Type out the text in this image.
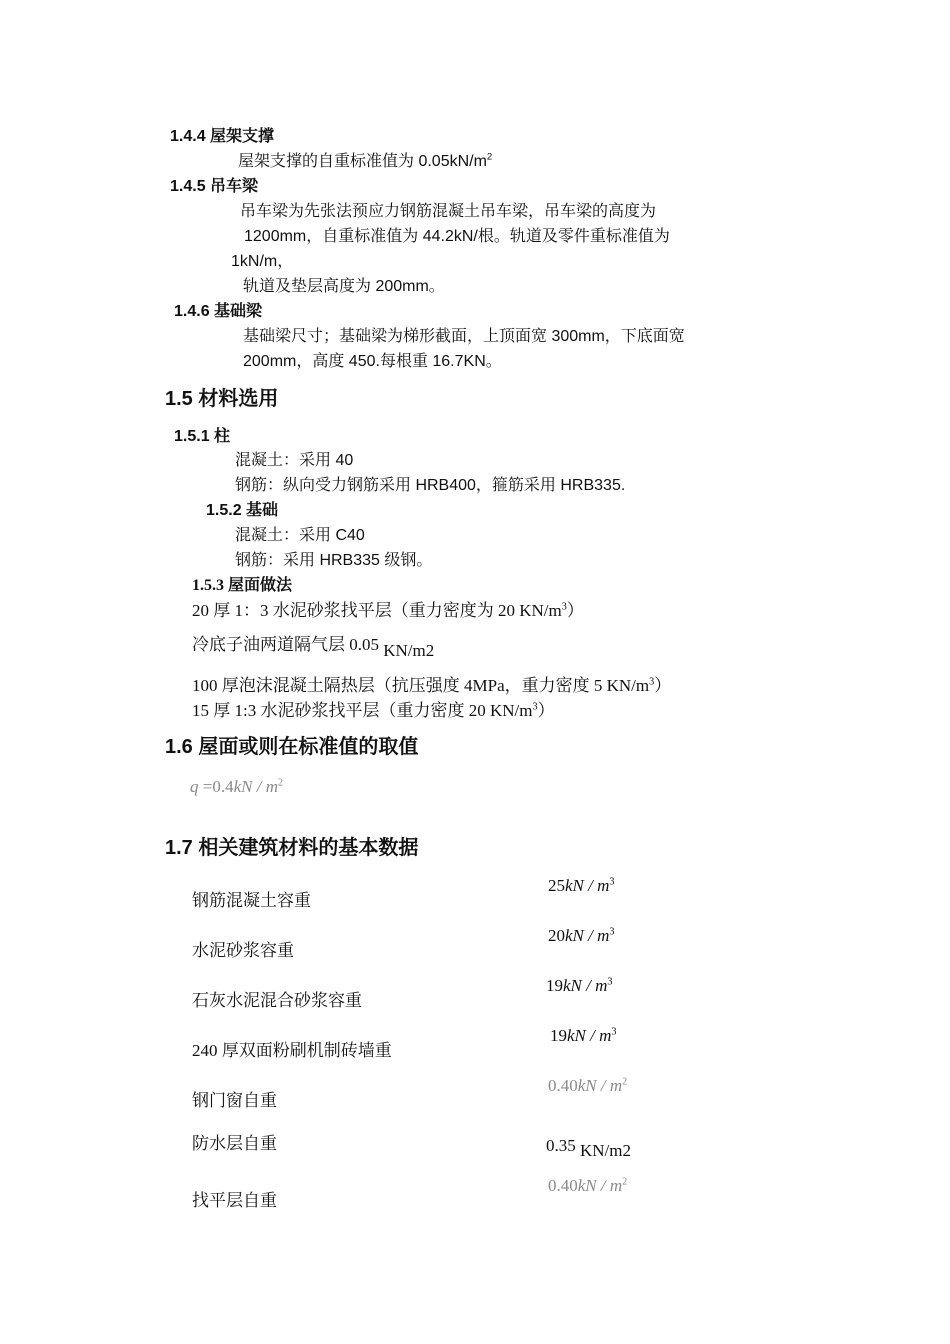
1.4.4 屋架支撑
屋架支撑的自重标准值为 $0.05kN/m^2$
1.4.5 吊车梁
吊车梁为先张法预应力钢筋混凝土吊车梁，吊车梁的高度为
1200mm，自重标准值为 44.2kN/根。轨道及零件重标准值为
1kN/m，
轨道及垫层高度为 200mm。
1.4.6 基础梁
基础梁尺寸；基础梁为梯形截面，上顶面宽 300mm，下底面宽
200mm，高度 450.每根重 16.7KN。
1.5 材料选用
1.5.1 柱
混凝土：采用 40
钢筋：纵向受力钢筋采用 HRB400，箍筋采用 HRB335.
1.5.2 基础
混凝土：采用 C40
钢筋：采用 HRB335 级钢。
1.5.3 屋面做法
20 厚 1：3 水泥砂浆找平层（重力密度为 20 $KN/m^3$）
冷底子油两道隔气层 0.05 KN/m2
100 厚泡沫混凝土隔热层（抗压强度 4MPa，重力密度 5 $KN/m^3$）
15 厚 1:3 水泥砂浆找平层（重力密度 20 $KN/m^3$）
1.6 屋面或则在标准值的取值
$q =0.4kN / m^2$
1.7 相关建筑材料的基本数据
钢筋混凝土容重
$25kN / m^3$
水泥砂浆容重
$20kN / m^3$
石灰水泥混合砂浆容重
$19kN / m^3$
240 厚双面粉刷机制砖墙重
$19kN / m^3$
钢门窗自重
$0.40kN / m^2$
防水层自重	0.35 KN/m2
找平层自重
$0.40kN / m^2$
